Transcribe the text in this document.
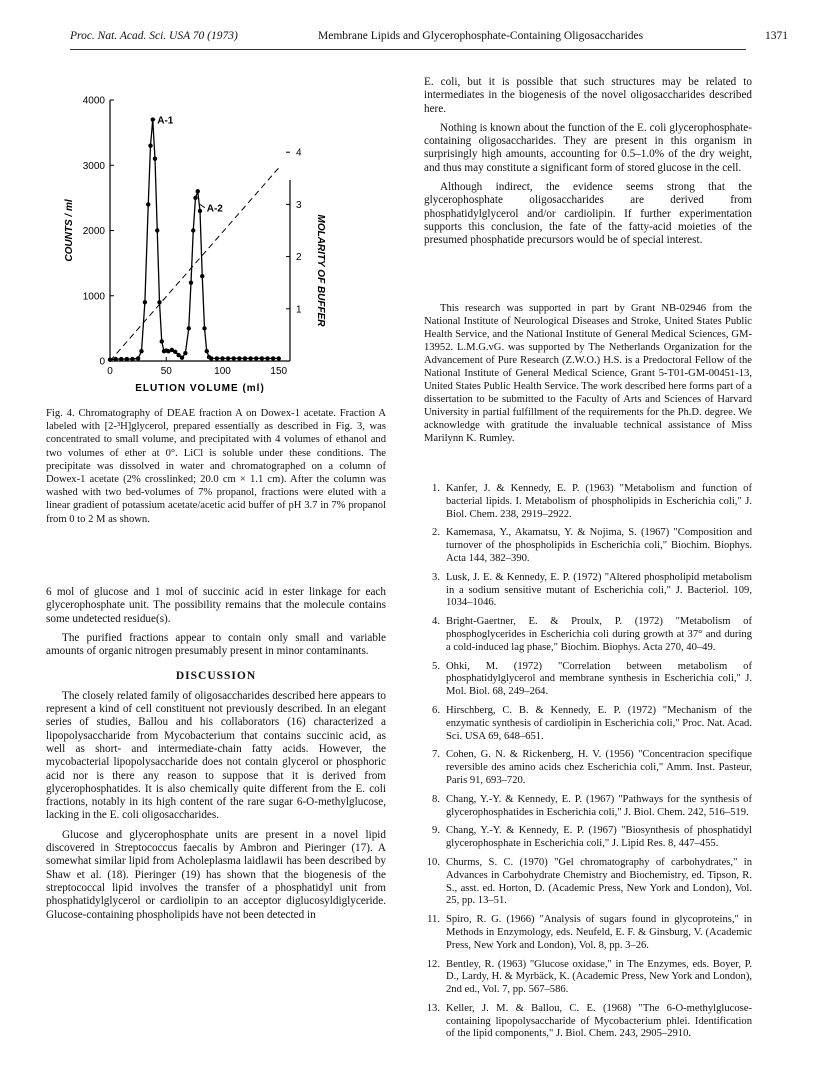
Proc. Nat. Acad. Sci. USA 70 (1973)	Membrane Lipids and Glycerophosphate-Containing Oligosaccharides	1371
0	50	100	150
0
1000
2000
3000
4000
1
2
3
4
A-1
A-2
ELUTION VOLUME (ml)
COUNTS / ml	MOLARITY OF BUFFER
Fig. 4. Chromatography of DEAE fraction A on Dowex-1 acetate. Fraction A labeled with [2-³H]glycerol, prepared essentially as described in Fig. 3, was concentrated to small volume, and precipitated with 4 volumes of ethanol and two volumes of ether at 0°. LiCl is soluble under these conditions. The precipitate was dissolved in water and chromatographed on a column of Dowex-1 acetate (2% crosslinked; 20.0 cm × 1.1 cm). After the column was washed with two bed-volumes of 7% propanol, fractions were eluted with a linear gradient of potassium acetate/acetic acid buffer of pH 3.7 in 7% propanol from 0 to 2 M as shown.
6 mol of glucose and 1 mol of succinic acid in ester linkage for each glycerophosphate unit. The possibility remains that the molecule contains some undetected residue(s).
The purified fractions appear to contain only small and variable amounts of organic nitrogen presumably present in minor contaminants.
DISCUSSION
The closely related family of oligosaccharides described here appears to represent a kind of cell constituent not previously described. In an elegant series of studies, Ballou and his collaborators (16) characterized a lipopolysaccharide from Mycobacterium that contains succinic acid, as well as short- and intermediate-chain fatty acids. However, the mycobacterial lipopolysaccharide does not contain glycerol or phosphoric acid nor is there any reason to suppose that it is derived from glycerophosphatides. It is also chemically quite different from the E. coli fractions, notably in its high content of the rare sugar 6-O-methylglucose, lacking in the E. coli oligosaccharides.
Glucose and glycerophosphate units are present in a novel lipid discovered in Streptococcus faecalis by Ambron and Pieringer (17). A somewhat similar lipid from Acholeplasma laidlawii has been described by Shaw et al. (18). Pieringer (19) has shown that the biogenesis of the streptococcal lipid involves the transfer of a phosphatidyl unit from phosphatidylglycerol or cardiolipin to an acceptor diglucosyldiglyceride. Glucose-containing phospholipids have not been detected in
E. coli, but it is possible that such structures may be related to intermediates in the biogenesis of the novel oligosaccharides described here.
Nothing is known about the function of the E. coli glycerophosphate-containing oligosaccharides. They are present in this organism in surprisingly high amounts, accounting for 0.5–1.0% of the dry weight, and thus may constitute a significant form of stored glucose in the cell.
Although indirect, the evidence seems strong that the glycerophosphate oligosaccharides are derived from phosphatidylglycerol and/or cardiolipin. If further experimentation supports this conclusion, the fate of the fatty-acid moieties of the presumed phosphatide precursors would be of special interest.
This research was supported in part by Grant NB-02946 from the National Institute of Neurological Diseases and Stroke, United States Public Health Service, and the National Institute of General Medical Sciences, GM-13952. L.M.G.vG. was supported by The Netherlands Organization for the Advancement of Pure Research (Z.W.O.) H.S. is a Predoctoral Fellow of the National Institute of General Medical Science, Grant 5-T01-GM-00451-13, United States Public Health Service. The work described here forms part of a dissertation to be submitted to the Faculty of Arts and Sciences of Harvard University in partial fulfillment of the requirements for the Ph.D. degree. We acknowledge with gratitude the invaluable technical assistance of Miss Marilynn K. Rumley.
1. Kanfer, J. & Kennedy, E. P. (1963) "Metabolism and function of bacterial lipids. I. Metabolism of phospholipids in Escherichia coli," J. Biol. Chem. 238, 2919–2922.
2. Kamemasa, Y., Akamatsu, Y. & Nojima, S. (1967) "Composition and turnover of the phospholipids in Escherichia coli," Biochim. Biophys. Acta 144, 382–390.
3. Lusk, J. E. & Kennedy, E. P. (1972) "Altered phospholipid metabolism in a sodium sensitive mutant of Escherichia coli," J. Bacteriol. 109, 1034–1046.
4. Bright-Gaertner, E. & Proulx, P. (1972) "Metabolism of phosphoglycerides in Escherichia coli during growth at 37° and during a cold-induced lag phase," Biochim. Biophys. Acta 270, 40–49.
5. Ohki, M. (1972) "Correlation between metabolism of phosphatidylglycerol and membrane synthesis in Escherichia coli," J. Mol. Biol. 68, 249–264.
6. Hirschberg, C. B. & Kennedy, E. P. (1972) "Mechanism of the enzymatic synthesis of cardiolipin in Escherichia coli," Proc. Nat. Acad. Sci. USA 69, 648–651.
7. Cohen, G. N. & Rickenberg, H. V. (1956) "Concentracion specifique reversible des amino acids chez Escherichia coli," Amm. Inst. Pasteur, Paris 91, 693–720.
8. Chang, Y.-Y. & Kennedy, E. P. (1967) "Pathways for the synthesis of glycerophosphatides in Escherichia coli," J. Biol. Chem. 242, 516–519.
9. Chang, Y.-Y. & Kennedy, E. P. (1967) "Biosynthesis of phosphatidyl glycerophosphate in Escherichia coli," J. Lipid Res. 8, 447–455.
10. Churms, S. C. (1970) "Gel chromatography of carbohydrates," in Advances in Carbohydrate Chemistry and Biochemistry, ed. Tipson, R. S., asst. ed. Horton, D. (Academic Press, New York and London), Vol. 25, pp. 13–51.
11. Spiro, R. G. (1966) "Analysis of sugars found in glycoproteins," in Methods in Enzymology, eds. Neufeld, E. F. & Ginsburg, V. (Academic Press, New York and London), Vol. 8, pp. 3–26.
12. Bentley, R. (1963) "Glucose oxidase," in The Enzymes, eds. Boyer, P. D., Lardy, H. & Myrbäck, K. (Academic Press, New York and London), 2nd ed., Vol. 7, pp. 567–586.
13. Keller, J. M. & Ballou, C. E. (1968) "The 6-O-methylglucose-containing lipopolysaccharide of Mycobacterium phlei. Identification of the lipid components," J. Biol. Chem. 243, 2905–2910.
